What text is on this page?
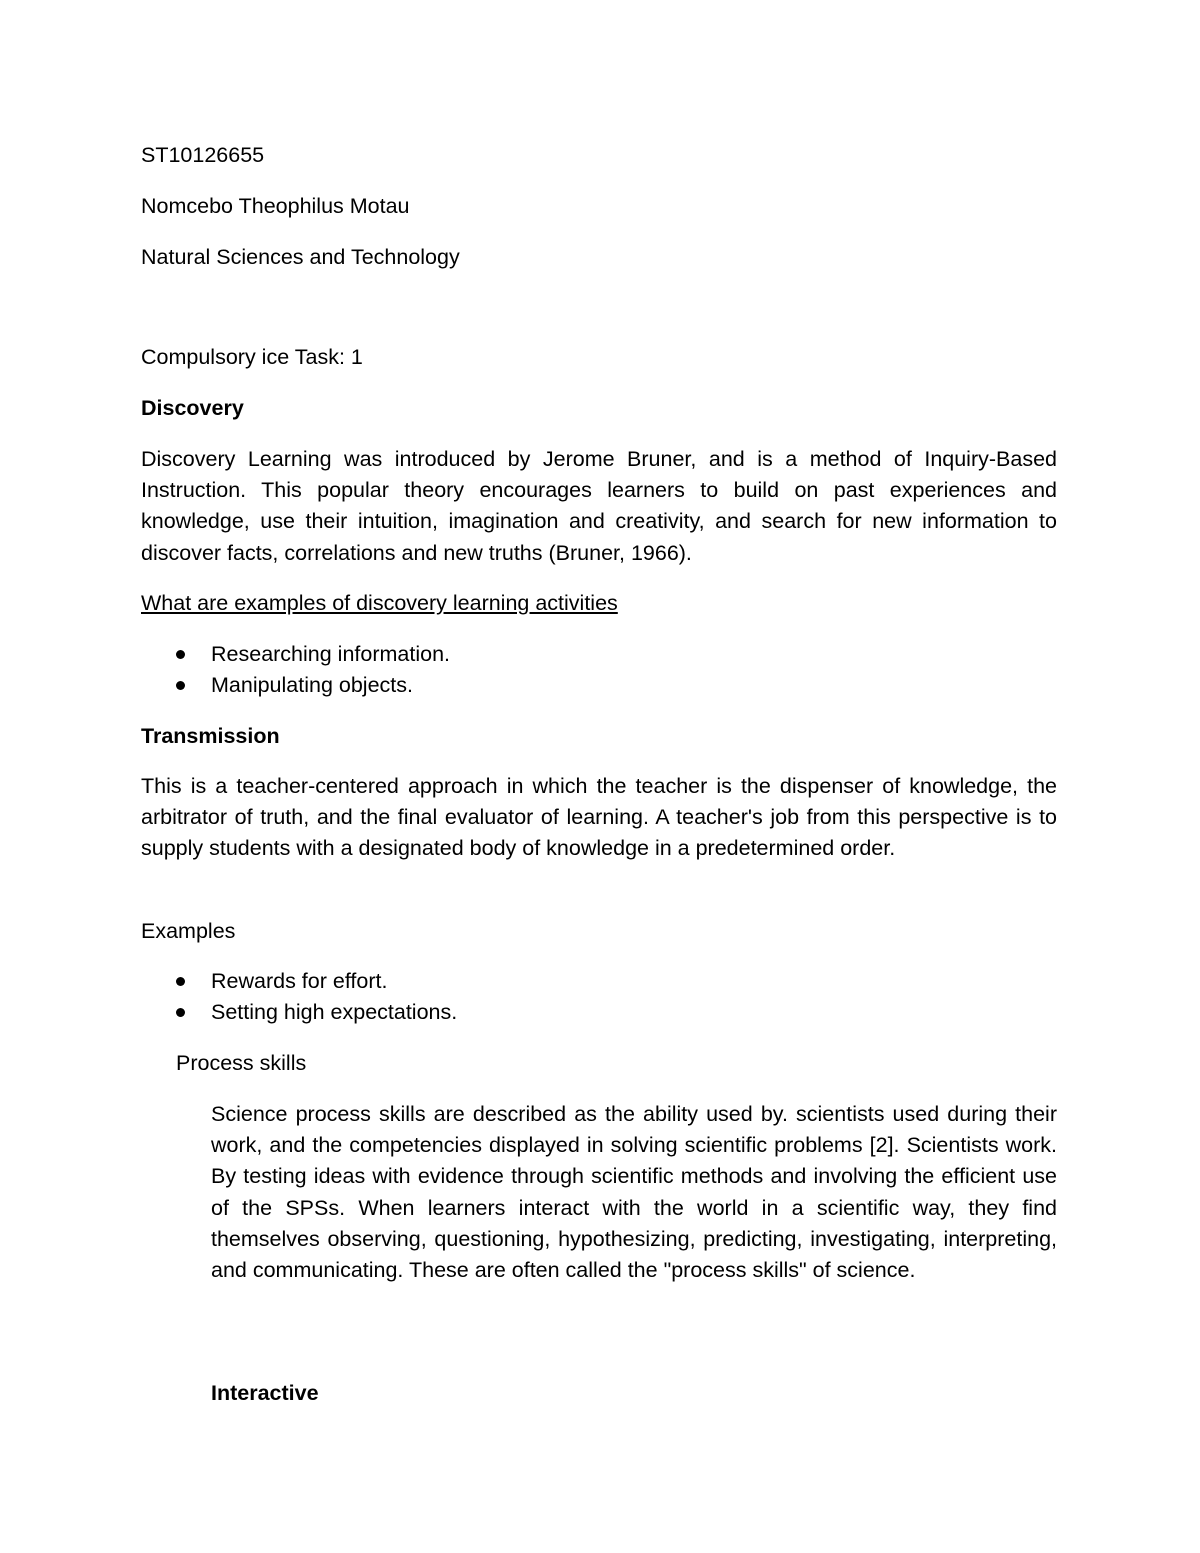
ST10126655
Nomcebo Theophilus Motau
Natural Sciences and Technology
Compulsory ice Task: 1
Discovery
Discovery Learning was introduced by Jerome Bruner, and is a method of Inquiry-Based Instruction. This popular theory encourages learners to build on past experiences and knowledge, use their intuition, imagination and creativity, and search for new information to discover facts, correlations and new truths (Bruner, 1966).
What are examples of discovery learning activities
Researching information.
Manipulating objects.
Transmission
This is a teacher-centered approach in which the teacher is the dispenser of knowledge, the arbitrator of truth, and the final evaluator of learning. A teacher's job from this perspective is to supply students with a designated body of knowledge in a predetermined order.
Examples
Rewards for effort.
Setting high expectations.
Process skills
Science process skills are described as the ability used by. scientists used during their work, and the competencies displayed in solving scientific problems [2]. Scientists work. By testing ideas with evidence through scientific methods and involving the efficient use of the SPSs. When learners interact with the world in a scientific way, they find themselves observing, questioning, hypothesizing, predicting, investigating, interpreting, and communicating. These are often called the "process skills" of science.
Interactive
